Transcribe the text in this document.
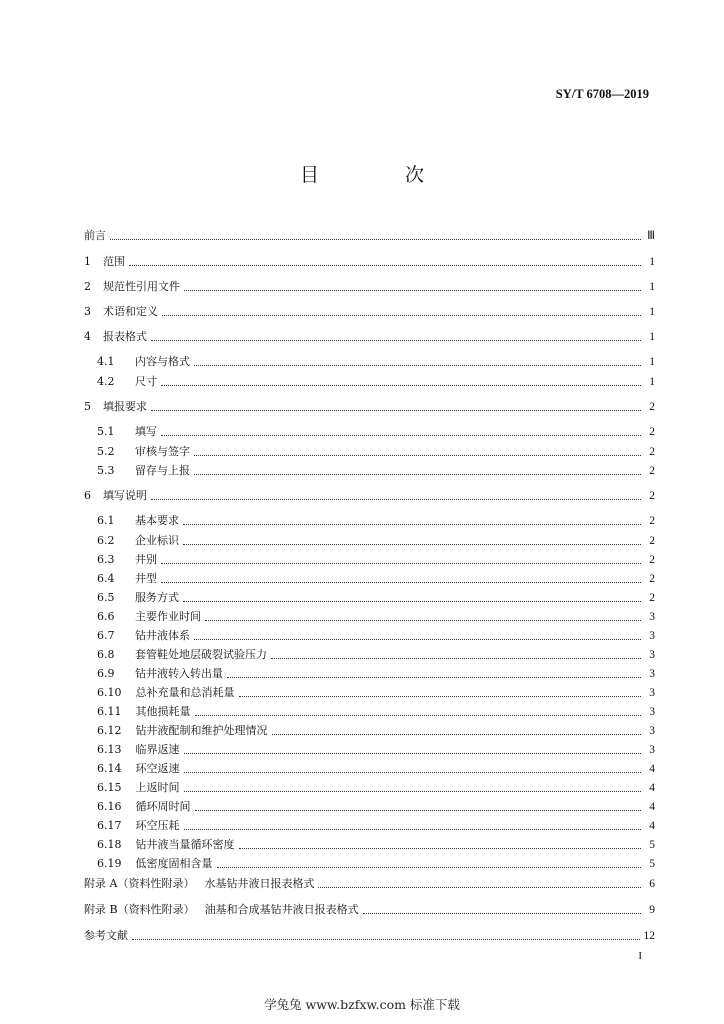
SY/T 6708—2019
目 次
前言	Ⅲ
1 范围	1
2 规范性引用文件	1
3 术语和定义	1
4 报表格式	1
4.1	内容与格式	1
4.2	尺寸	1
5 填报要求	2
5.1	填写	2
5.2	审核与签字	2
5.3	留存与上报	2
6 填写说明	2
6.1	基本要求	2
6.2	企业标识	2
6.3	井别	2
6.4	井型	2
6.5	服务方式	2
6.6	主要作业时间	3
6.7	钻井液体系	3
6.8	套管鞋处地层破裂试验压力	3
6.9	钻井液转入转出量	3
6.10 总补充量和总消耗量	3
6.11 其他损耗量	3
6.12 钻井液配制和维护处理情况	3
6.13 临界返速	3
6.14 环空返速	4
6.15 上返时间	4
6.16 循环周时间	4
6.17 环空压耗	4
6.18 钻井液当量循环密度	5
6.19 低密度固相含量	5
附录 A（资料性附录） 水基钻井液日报表格式	6
附录 B（资料性附录） 油基和合成基钻井液日报表格式	9
参考文献	12
I
学兔兔 www.bzfxw.com 标准下载
